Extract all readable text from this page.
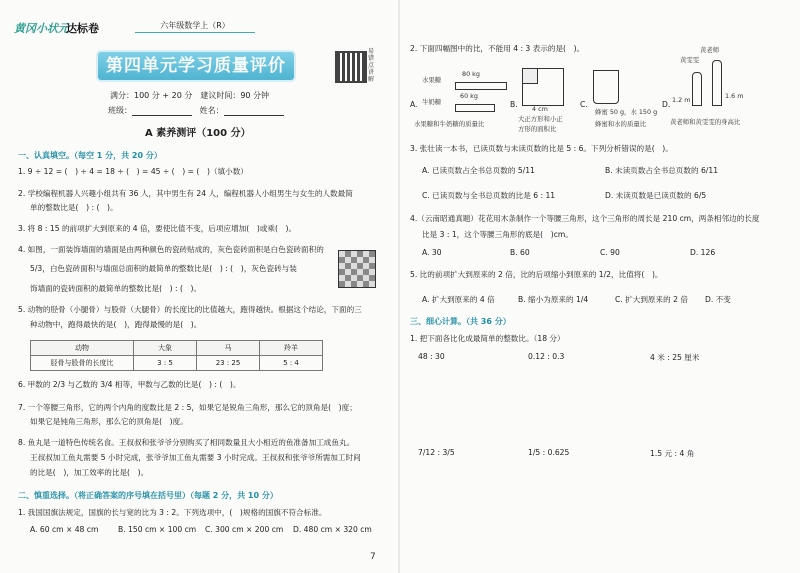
黄冈小状元
达标卷	六年级数学上（R）
第四单元学习质量评价
易错点讲解
满分：100 分 + 20 分　建议时间：90 分钟
班级：	姓名：
A 素养测评（100 分）
一、认真填空。（每空 1 分，共 20 分）
1. 9 ÷ 12 = (　) ÷ 4 = 18 ÷ (　) = 45 ÷ (　) = (　)（填小数）
2. 学校编程机器人兴趣小组共有 36 人，其中男生有 24 人，编程机器人小组男生与女生的人数最简
单的整数比是(　) : (　)。
3. 将 8 : 15 的前项扩大到原来的 4 倍，要使比值不变，后项应增加(　)或乘(　)。
4. 如图，一面装饰墙面的墙面是由两种颜色的瓷砖贴成的，灰色瓷砖面积是白色瓷砖面积的
5/3，白色瓷砖面积与墙面总面积的最简单的整数比是(　) : (　)，灰色瓷砖与装
饰墙面的瓷砖面积的最简单的整数比是(　) : (　)。
5. 动物的胫骨（小腿骨）与股骨（大腿骨）的长度比的比值越大，跑得越快。根据这个结论，下面的三
种动物中，跑得最快的是(　)，跑得最慢的是(　)。
动物	大象	马	羚羊
胫骨与股骨的长度比	3 : 5	23 : 25	5 : 4
6. 甲数的 2/3 与乙数的 3/4 相等，甲数与乙数的比是(　) : (　)。
7. 一个等腰三角形，它的两个内角的度数比是 2 : 5，如果它是锐角三角形，那么它的顶角是(　)度；
如果它是钝角三角形，那么它的顶角是(　)度。
8. 鱼丸是一道特色传统名食。王叔叔和张爷爷分别购买了相同数量且大小相近的鱼准备加工成鱼丸。
王叔叔加工鱼丸需要 5 小时完成，张爷爷加工鱼丸需要 3 小时完成。王叔叔和张爷爷所需加工时间
的比是(　)，加工效率的比是(　)。
二、慎重选择。（将正确答案的序号填在括号里）（每题 2 分，共 10 分）
1. 我国国旗法规定，国旗的长与宽的比为 3 : 2。下列选项中，(　)规格的国旗不符合标准。
A. 60 cm × 48 cm	B. 150 cm × 100 cm C. 300 cm × 200 cm D. 480 cm × 320 cm
2. 下面四幅图中的比，不能用 4 : 3 表示的是(　)。
水果糖
80 kg
牛奶糖
60 kg
A.
水果糖和牛奶糖的质量比
B. 4 cm
大正方形和小正
方形的面积比
C.
蜂蜜 50 g，水 150 g
蜂蜜和水的质量比
D.
黄雯雯
黄老师
1.2 m	1.6 m
黄老师和黄雯雯的身高比
3. 张壮读一本书，已读页数与未读页数的比是 5 : 6。下列分析错误的是(　)。
A. 已读页数占全书总页数的 5/11	B. 未读页数占全书总页数的 6/11
C. 已读页数与全书总页数的比是 6 : 11	D. 未读页数是已读页数的 6/5
4.（云南昭通真题）花花用木条制作一个等腰三角形，这个三角形的周长是 210 cm，两条相邻边的长度
比是 3 : 1，这个等腰三角形的底是(　)cm。
A. 30	B. 60	C. 90	D. 126
5. 比的前项扩大到原来的 2 倍，比的后项缩小到原来的 1/2，比值将(　)。
A. 扩大到原来的 4 倍	B. 缩小为原来的 1/4	C. 扩大到原来的 2 倍 D. 不变
三、细心计算。（共 36 分）
1. 把下面各比化成最简单的整数比。（18 分）
48 : 30	0.12 : 0.3	4 米 : 25 厘米
7/12 : 3/5	1/5 : 0.625	1.5 元 : 4 角
7
